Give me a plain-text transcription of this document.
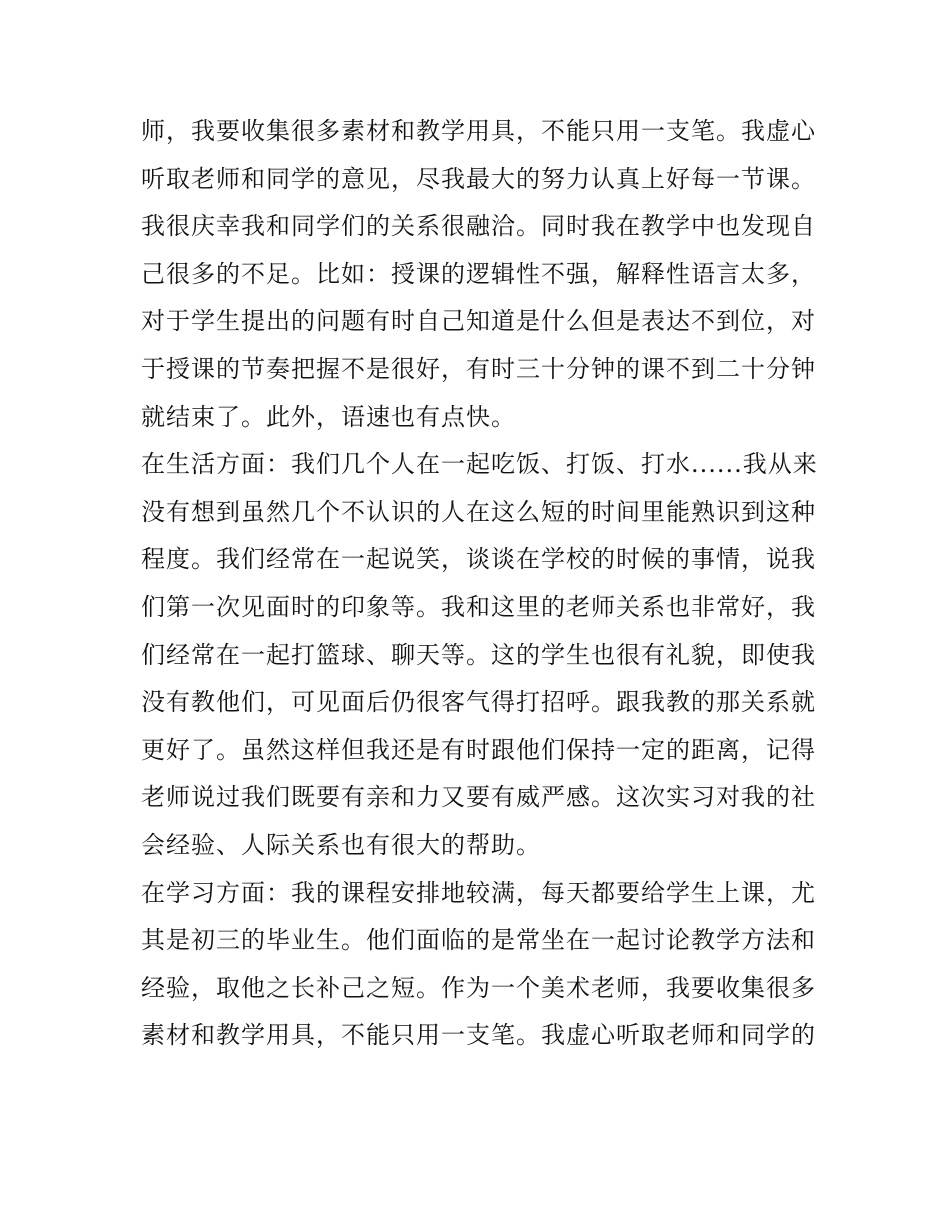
师，我要收集很多素材和教学用具，不能只用一支笔。我虚心
听取老师和同学的意见，尽我最大的努力认真上好每一节课。
我很庆幸我和同学们的关系很融洽。同时我在教学中也发现自
己很多的不足。比如：授课的逻辑性不强，解释性语言太多，
对于学生提出的问题有时自己知道是什么但是表达不到位，对
于授课的节奏把握不是很好，有时三十分钟的课不到二十分钟
就结束了。此外，语速也有点快。
在生活方面：我们几个人在一起吃饭、打饭、打水......我从来
没有想到虽然几个不认识的人在这么短的时间里能熟识到这种
程度。我们经常在一起说笑，谈谈在学校的时候的事情，说我
们第一次见面时的印象等。我和这里的老师关系也非常好，我
们经常在一起打篮球、聊天等。这的学生也很有礼貌，即使我
没有教他们，可见面后仍很客气得打招呼。跟我教的那关系就
更好了。虽然这样但我还是有时跟他们保持一定的距离，记得
老师说过我们既要有亲和力又要有威严感。这次实习对我的社
会经验、人际关系也有很大的帮助。
在学习方面：我的课程安排地较满，每天都要给学生上课，尤
其是初三的毕业生。他们面临的是常坐在一起讨论教学方法和
经验，取他之长补己之短。作为一个美术老师，我要收集很多
素材和教学用具，不能只用一支笔。我虚心听取老师和同学的
